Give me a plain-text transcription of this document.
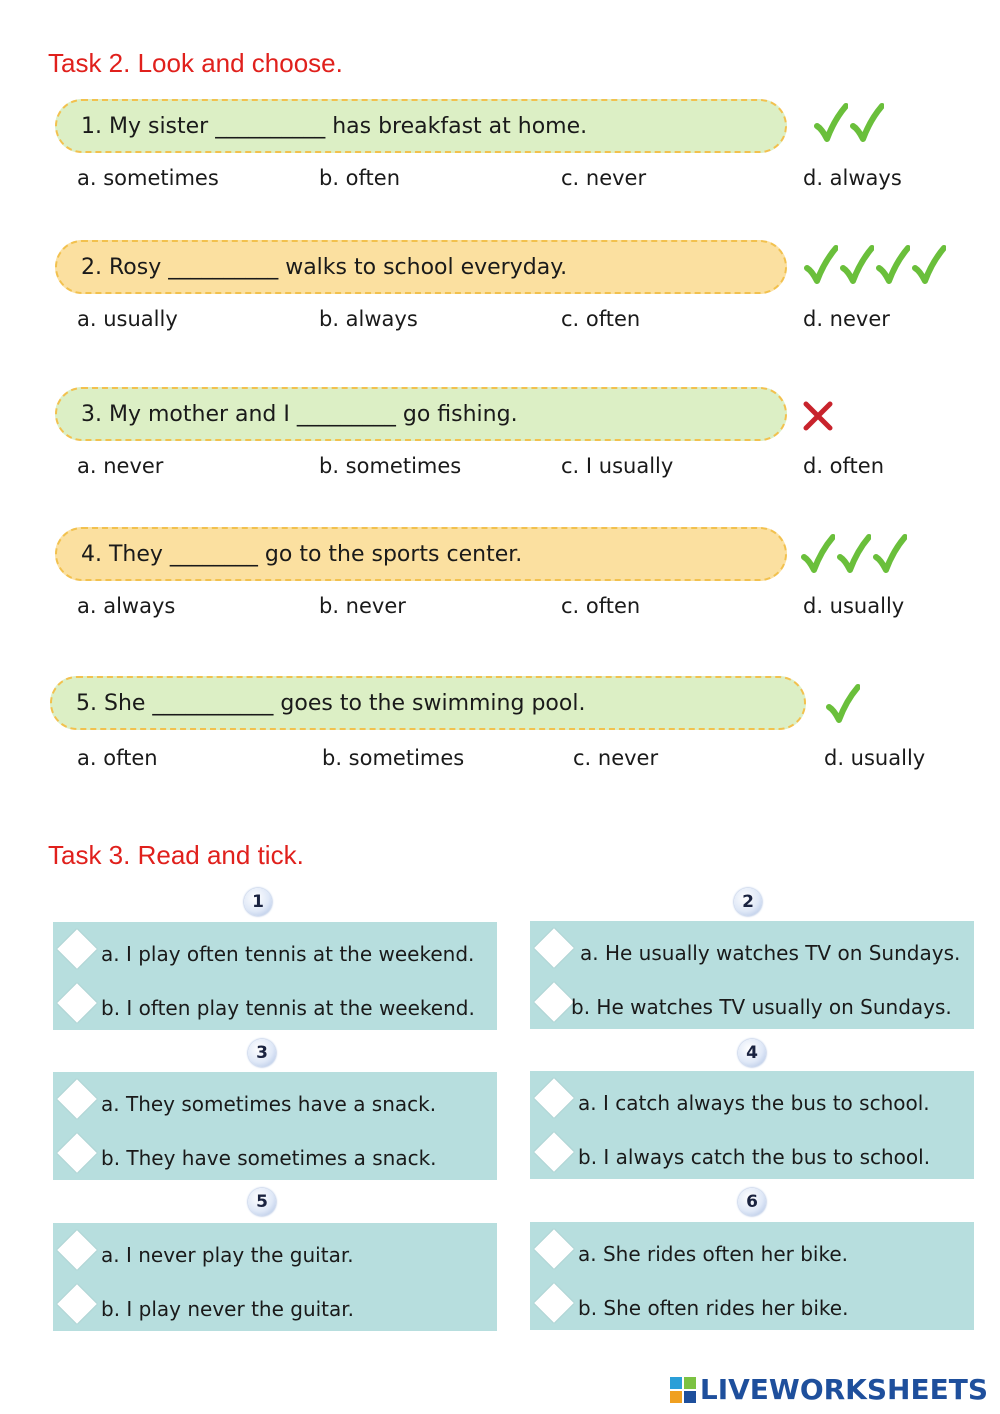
Task 2. Look and choose.
1. My sister __________ has breakfast at home.
a. sometimes	b. often	c. never	d. always
2. Rosy __________ walks to school everyday.
a. usually	b. always	c. often	d. never
3. My mother and I _________ go fishing.
a. never	b. sometimes	c. I usually	d. often
4. They ________ go to the sports center.
a. always	b. never	c. often	d. usually
5. She ___________ goes to the swimming pool.
a. often	b. sometimes	c. never	d. usually
Task 3. Read and tick.
1
a. I play often tennis at the weekend.
b. I often play tennis at the weekend.
2
a. He usually watches TV on Sundays.
b. He watches TV usually on Sundays.
3
a. They sometimes have a snack.
b. They have sometimes a snack.
4
a. I catch always the bus to school.
b. I always catch the bus to school.
5
a. I never play the guitar.
b. I play never the guitar.
6
a. She rides often her bike.
b. She often rides her bike.
LIVEWORKSHEETS
